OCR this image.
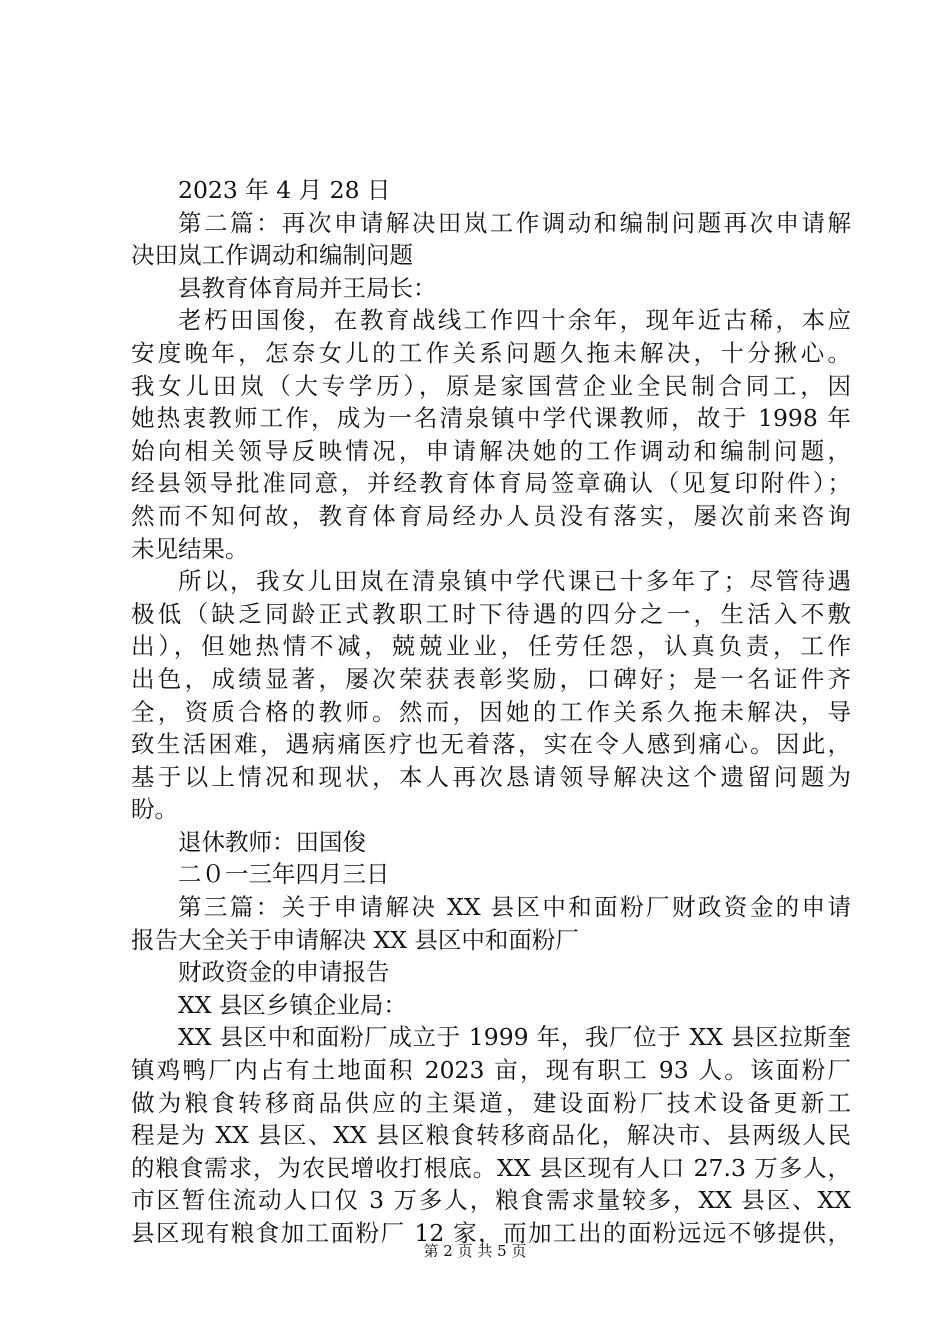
2023 年 4 月 28 日
第二篇：再次申请解决田岚工作调动和编制问题再次申请解
决田岚工作调动和编制问题
县教育体育局并王局长：
老朽田国俊，在教育战线工作四十余年，现年近古稀，本应
安度晚年，怎奈女儿的工作关系问题久拖未解决，十分揪心。
我女儿田岚（大专学历），原是家国营企业全民制合同工，因
她热衷教师工作，成为一名清泉镇中学代课教师，故于 1998 年
始向相关领导反映情况，申请解决她的工作调动和编制问题，
经县领导批准同意，并经教育体育局签章确认（见复印附件）；
然而不知何故，教育体育局经办人员没有落实，屡次前来咨询
未见结果。
所以，我女儿田岚在清泉镇中学代课已十多年了；尽管待遇
极低（缺乏同龄正式教职工时下待遇的四分之一，生活入不敷
出），但她热情不减，兢兢业业，任劳任怨，认真负责，工作
出色，成绩显著，屡次荣获表彰奖励，口碑好；是一名证件齐
全，资质合格的教师。然而，因她的工作关系久拖未解决，导
致生活困难，遇病痛医疗也无着落，实在令人感到痛心。因此，
基于以上情况和现状，本人再次恳请领导解决这个遗留问题为
盼。
退休教师：田国俊
二０一三年四月三日
第三篇：关于申请解决 XX 县区中和面粉厂财政资金的申请
报告大全关于申请解决 XX 县区中和面粉厂
财政资金的申请报告
XX 县区乡镇企业局：
XX 县区中和面粉厂成立于 1999 年，我厂位于 XX 县区拉斯奎
镇鸡鸭厂内占有土地面积 2023 亩，现有职工 93 人。该面粉厂
做为粮食转移商品供应的主渠道，建设面粉厂技术设备更新工
程是为 XX 县区、XX 县区粮食转移商品化，解决市、县两级人民
的粮食需求，为农民增收打根底。XX 县区现有人口 27.3 万多人，
市区暂住流动人口仅 3 万多人，粮食需求量较多，XX 县区、XX
县区现有粮食加工面粉厂 12 家，而加工出的面粉远远不够提供，
第 2 页 共 5 页
